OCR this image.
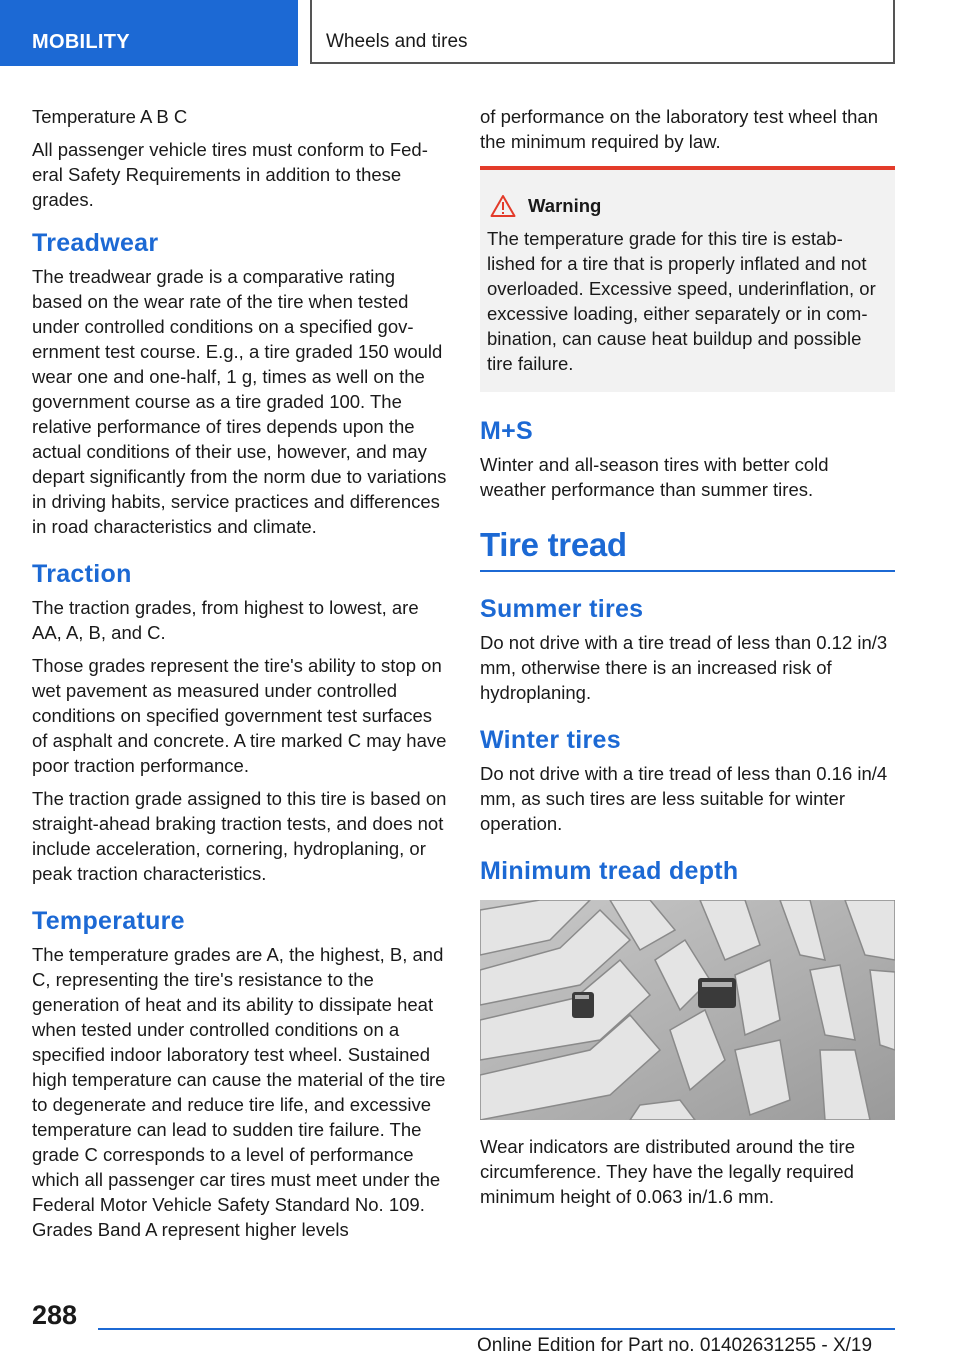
MOBILITY	Wheels and tires

Temperature A B C

All passenger vehicle tires must conform to Federal Safety Requirements in addition to these grades.

Treadwear

The treadwear grade is a comparative rating based on the wear rate of the tire when tested under controlled conditions on a specified government test course. E.g., a tire graded 150 would wear one and one-half, 1 g, times as well on the government course as a tire graded 100. The relative performance of tires depends upon the actual conditions of their use, however, and may depart significantly from the norm due to variations in driving habits, service practices and differences in road characteristics and climate.

Traction

The traction grades, from highest to lowest, are AA, A, B, and C.

Those grades represent the tire's ability to stop on wet pavement as measured under controlled conditions on specified government test surfaces of asphalt and concrete. A tire marked C may have poor traction performance.

The traction grade assigned to this tire is based on straight-ahead braking traction tests, and does not include acceleration, cornering, hydroplaning, or peak traction characteristics.

Temperature

The temperature grades are A, the highest, B, and C, representing the tire's resistance to the generation of heat and its ability to dissipate heat when tested under controlled conditions on a specified indoor laboratory test wheel. Sustained high temperature can cause the material of the tire to degenerate and reduce tire life, and excessive temperature can lead to sudden tire failure. The grade C corresponds to a level of performance which all passenger car tires must meet under the Federal Motor Vehicle Safety Standard No. 109. Grades Band A represent higher levels

of performance on the laboratory test wheel than the minimum required by law.

Warning

The temperature grade for this tire is established for a tire that is properly inflated and not overloaded. Excessive speed, underinflation, or excessive loading, either separately or in combination, can cause heat buildup and possible tire failure.

M+S

Winter and all-season tires with better cold weather performance than summer tires.

Tire tread
Summer tires

Do not drive with a tire tread of less than 0.12 in/3 mm, otherwise there is an increased risk of hydroplaning.

Winter tires

Do not drive with a tire tread of less than 0.16 in/4 mm, as such tires are less suitable for winter operation.

Minimum tread depth

Wear indicators are distributed around the tire circumference. They have the legally required minimum height of 0.063 in/1.6 mm.

288
Online Edition for Part no. 01402631255 - X/19
